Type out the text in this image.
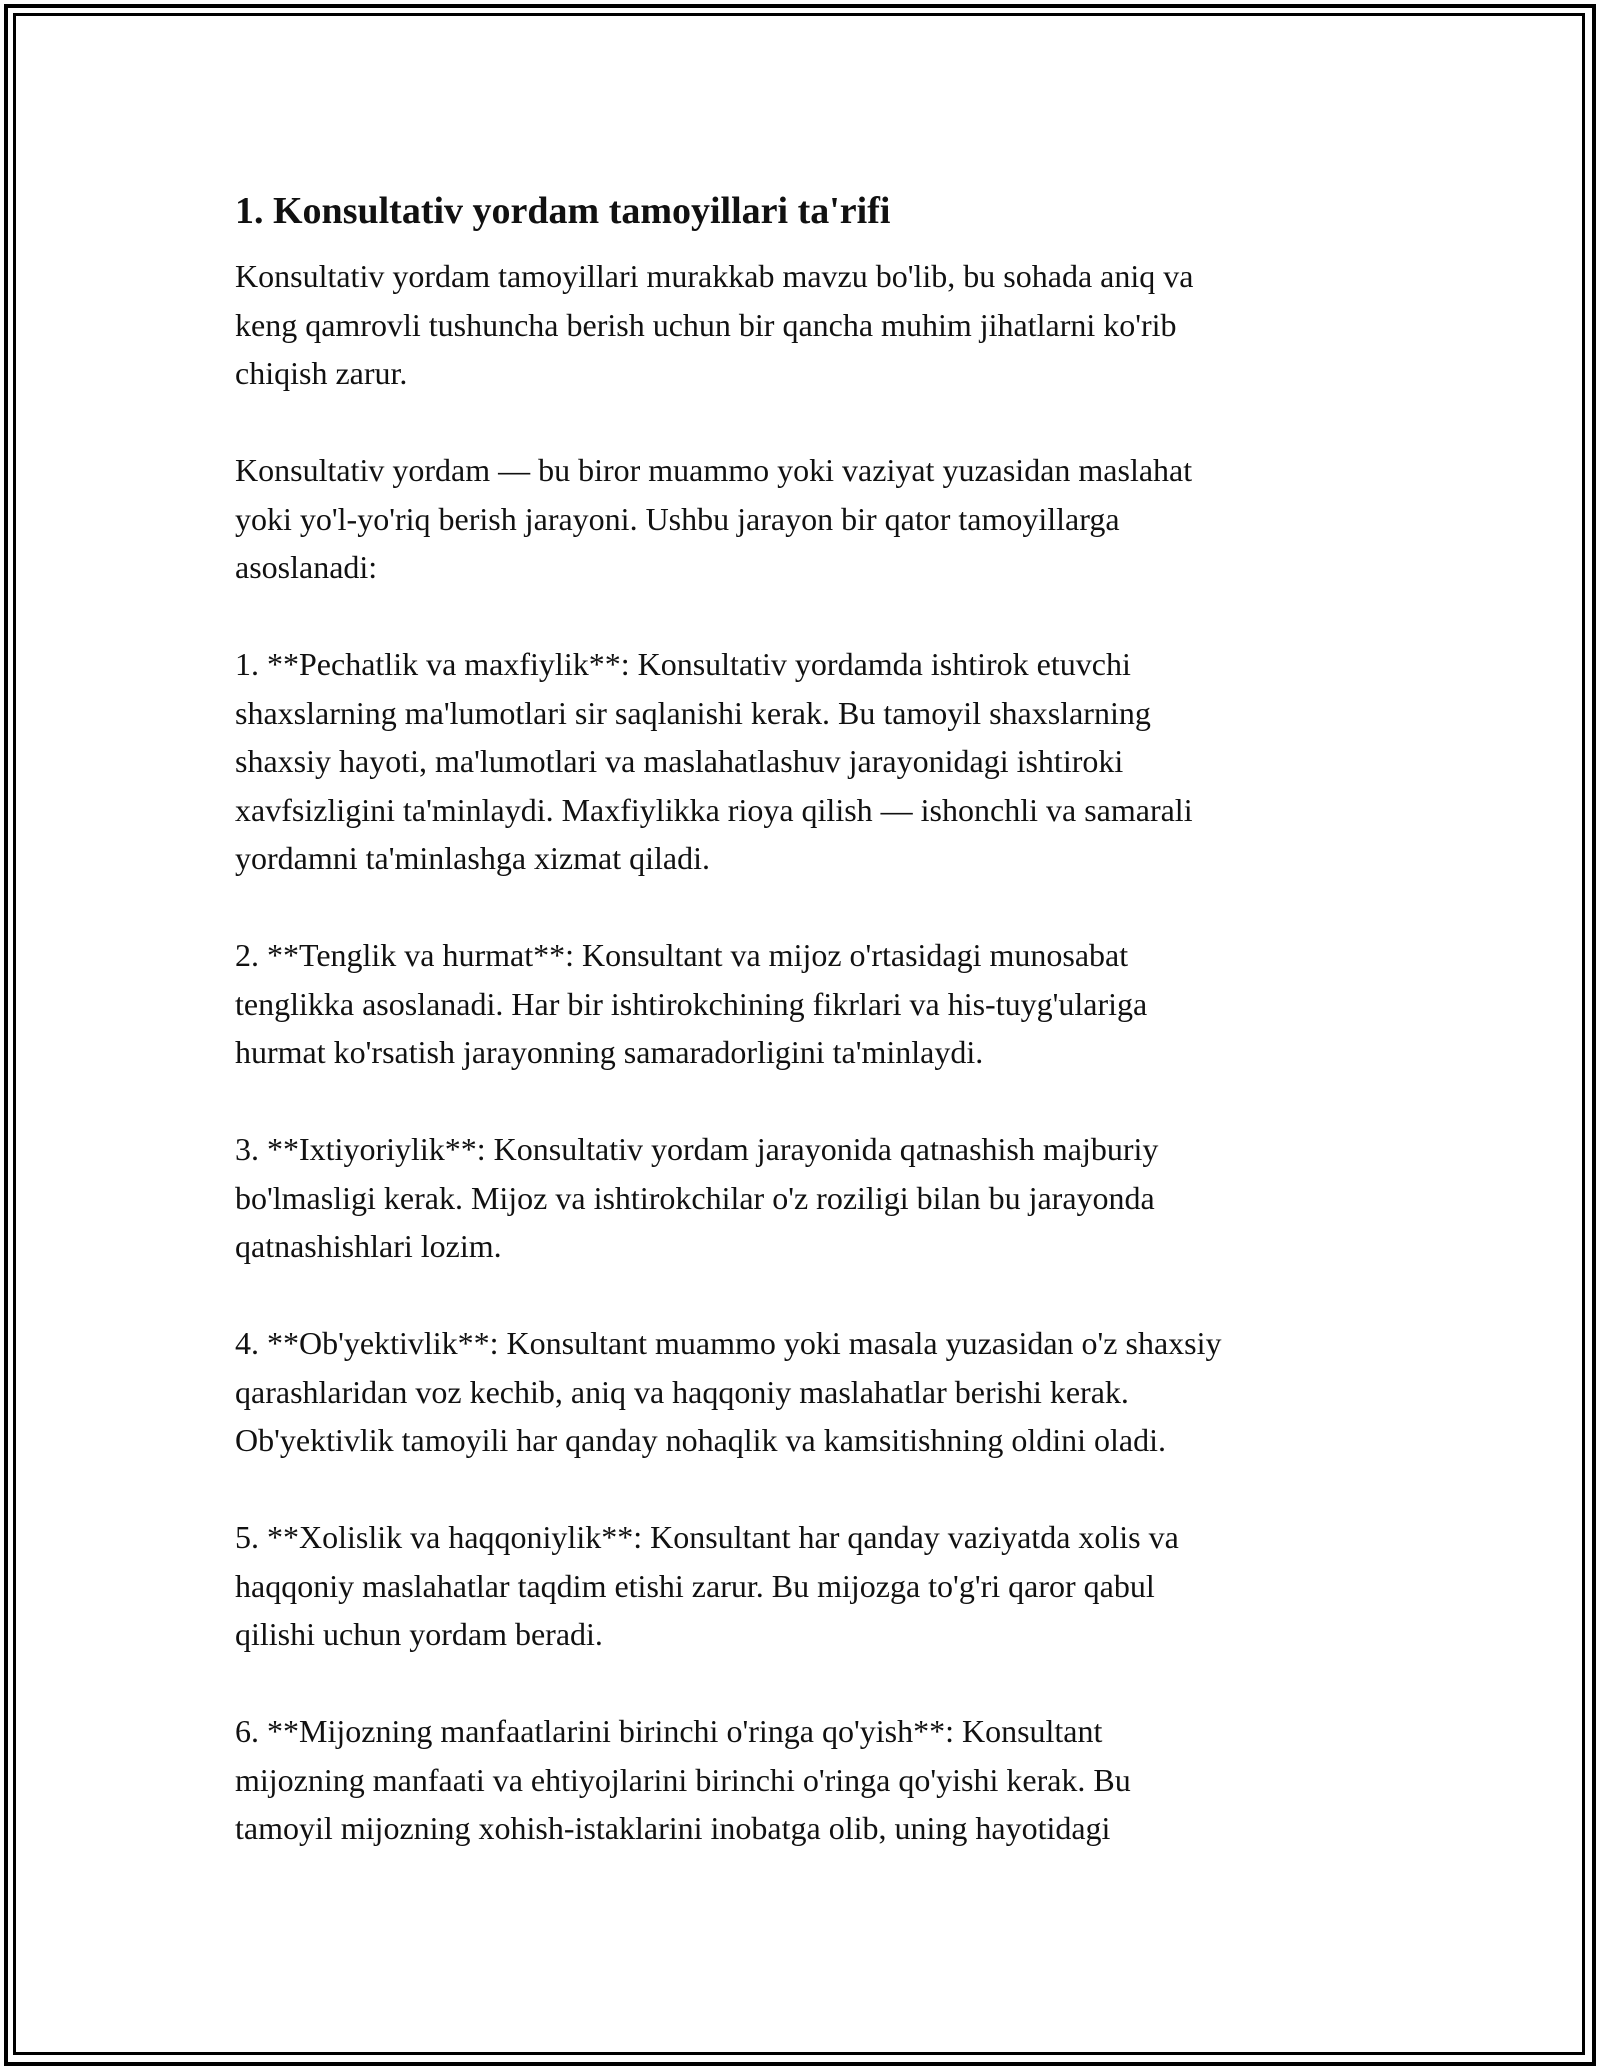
1. Konsultativ yordam tamoyillari ta'rifi

Konsultativ yordam tamoyillari murakkab mavzu bo'lib, bu sohada aniq va
keng qamrovli tushuncha berish uchun bir qancha muhim jihatlarni ko'rib
chiqish zarur.

Konsultativ yordam — bu biror muammo yoki vaziyat yuzasidan maslahat
yoki yo'l-yo'riq berish jarayoni. Ushbu jarayon bir qator tamoyillarga
asoslanadi:

1. **Pechatlik va maxfiylik**: Konsultativ yordamda ishtirok etuvchi
shaxslarning ma'lumotlari sir saqlanishi kerak. Bu tamoyil shaxslarning
shaxsiy hayoti, ma'lumotlari va maslahatlashuv jarayonidagi ishtiroki
xavfsizligini ta'minlaydi. Maxfiylikka rioya qilish — ishonchli va samarali
yordamni ta'minlashga xizmat qiladi.

2. **Tenglik va hurmat**: Konsultant va mijoz o'rtasidagi munosabat
tenglikka asoslanadi. Har bir ishtirokchining fikrlari va his-tuyg'ulariga
hurmat ko'rsatish jarayonning samaradorligini ta'minlaydi.

3. **Ixtiyoriylik**: Konsultativ yordam jarayonida qatnashish majburiy
bo'lmasligi kerak. Mijoz va ishtirokchilar o'z roziligi bilan bu jarayonda
qatnashishlari lozim.

4. **Ob'yektivlik**: Konsultant muammo yoki masala yuzasidan o'z shaxsiy
qarashlaridan voz kechib, aniq va haqqoniy maslahatlar berishi kerak.
Ob'yektivlik tamoyili har qanday nohaqlik va kamsitishning oldini oladi.

5. **Xolislik va haqqoniylik**: Konsultant har qanday vaziyatda xolis va
haqqoniy maslahatlar taqdim etishi zarur. Bu mijozga to'g'ri qaror qabul
qilishi uchun yordam beradi.

6. **Mijozning manfaatlarini birinchi o'ringa qo'yish**: Konsultant
mijozning manfaati va ehtiyojlarini birinchi o'ringa qo'yishi kerak. Bu
tamoyil mijozning xohish-istaklarini inobatga olib, uning hayotidagi
